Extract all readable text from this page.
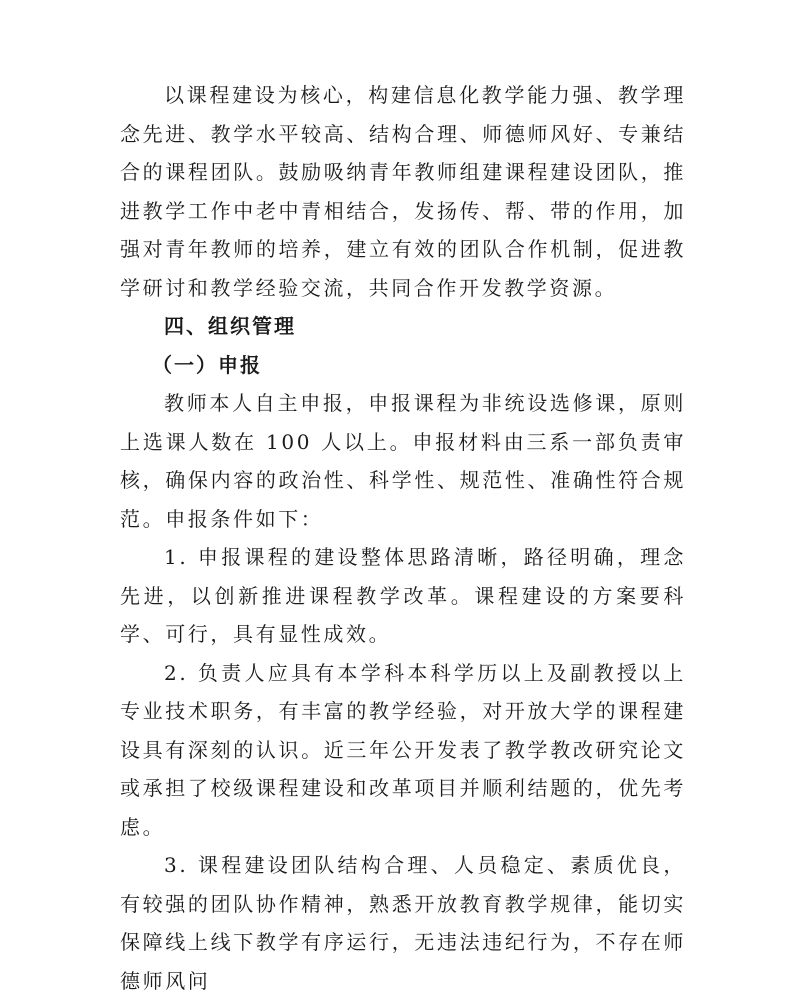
以课程建设为核心，构建信息化教学能力强、教学理念先进、教学水平较高、结构合理、师德师风好、专兼结合的课程团队。鼓励吸纳青年教师组建课程建设团队，推进教学工作中老中青相结合，发扬传、帮、带的作用，加强对青年教师的培养，建立有效的团队合作机制，促进教学研讨和教学经验交流，共同合作开发教学资源。

四、组织管理

（一）申报

教师本人自主申报，申报课程为非统设选修课，原则上选课人数在 100 人以上。申报材料由三系一部负责审核，确保内容的政治性、科学性、规范性、准确性符合规范。申报条件如下：

1. 申报课程的建设整体思路清晰，路径明确，理念先进，以创新推进课程教学改革。课程建设的方案要科学、可行，具有显性成效。

2. 负责人应具有本学科本科学历以上及副教授以上专业技术职务，有丰富的教学经验，对开放大学的课程建设具有深刻的认识。近三年公开发表了教学教改研究论文或承担了校级课程建设和改革项目并顺利结题的，优先考虑。

3. 课程建设团队结构合理、人员稳定、素质优良，有较强的团队协作精神，熟悉开放教育教学规律，能切实保障线上线下教学有序运行，无违法违纪行为，不存在师德师风问
